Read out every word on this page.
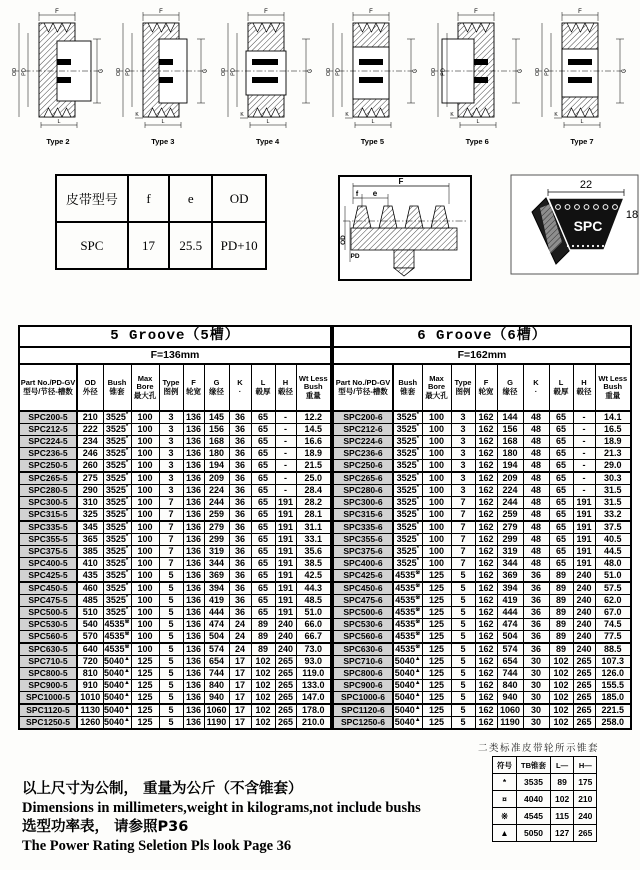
F
OD PD	G
L
Type 2
F
OD PD	G
L
K
Type 3
F
OD PD	G
L
K
Type 4
F
OD PD	G
L
K
Type 5
F
OD PD	G
L
K
Type 6
F
OD PD	G
L
K
Type 7
皮带型号	f	e	OD
SPC	17	25.5	PD+10
F
f e
OD
PD
SPC
22
18
5 Groove（5槽）										
F=136mm										

Part No./PD-GV
型号/节径-槽数

OD
外径

Bush
锥套

Max
Bore
最大孔

Type
图例

F
轮宽

G
缘径

K
·

L
毂厚

H
毂径

Wt Less
Bush
重量

SPC200-5	210	3525*	100	3	136	145	36	65	-	12.2
SPC212-5	222	3525*	100	3	136	156	36	65	-	14.5
SPC224-5	234	3525*	100	3	136	168	36	65	-	16.6
SPC236-5	246	3525*	100	3	136	180	36	65	-	18.9
SPC250-5	260	3525*	100	3	136	194	36	65	-	21.5
SPC265-5	275	3525*	100	3	136	209	36	65	-	25.0
SPC280-5	290	3525*	100	3	136	224	36	65	-	28.4
SPC300-5	310	3525*	100	7	136	244	36	65	191	28.2
SPC315-5	325	3525*	100	7	136	259	36	65	191	28.1
SPC335-5	345	3525*	100	7	136	279	36	65	191	31.1
SPC355-5	365	3525*	100	7	136	299	36	65	191	33.1
SPC375-5	385	3525*	100	7	136	319	36	65	191	35.6
SPC400-5	410	3525*	100	7	136	344	36	65	191	38.5
SPC425-5	435	3525*	100	5	136	369	36	65	191	42.5
SPC450-5	460	3525*	100	5	136	394	36	65	191	44.3
SPC475-5	485	3525*	100	5	136	419	36	65	191	48.5
SPC500-5	510	3525*	100	5	136	444	36	65	191	51.0
SPC530-5	540	4535※	100	5	136	474	24	89	240	66.0
SPC560-5	570	4535※	100	5	136	504	24	89	240	66.7
SPC630-5	640	4535※	100	5	136	574	24	89	240	73.0
SPC710-5	720	5040▲	125	5	136	654	17	102	265	93.0
SPC800-5	810	5040▲	125	5	136	744	17	102	265	119.0
SPC900-5	910	5040▲	125	5	136	840	17	102	265	133.0
SPC1000-5	1010	5040▲	125	5	136	940	17	102	265	147.0
SPC1120-5	1130	5040▲	125	5	136	1060	17	102	265	178.0
SPC1250-5	1260	5040▲	125	5	136	1190	17	102	265	210.0
6 Groove（6槽）									
F=162mm									

Part No./PD-GV
型号/节径-槽数

Bush
锥套

Max
Bore
最大孔

Type
图例

F
轮宽

G
缘径

K
·

L
毂厚

H
毂径

Wt Less
Bush
重量

SPC200-6	3525*	100	3	162	144	48	65	-	14.1
SPC212-6	3525*	100	3	162	156	48	65	-	16.5
SPC224-6	3525*	100	3	162	168	48	65	-	18.9
SPC236-6	3525*	100	3	162	180	48	65	-	21.3
SPC250-6	3525*	100	3	162	194	48	65	-	29.0
SPC265-6	3525*	100	3	162	209	48	65	-	30.3
SPC280-6	3525*	100	3	162	224	48	65	-	31.5
SPC300-6	3525*	100	7	162	244	48	65	191	31.5
SPC315-6	3525*	100	7	162	259	48	65	191	33.2
SPC335-6	3525*	100	7	162	279	48	65	191	37.5
SPC355-6	3525*	100	7	162	299	48	65	191	40.5
SPC375-6	3525*	100	7	162	319	48	65	191	44.5
SPC400-6	3525*	100	7	162	344	48	65	191	48.0
SPC425-6	4535※	125	5	162	369	36	89	240	51.0
SPC450-6	4535※	125	5	162	394	36	89	240	57.5
SPC475-6	4535※	125	5	162	419	36	89	240	62.0
SPC500-6	4535※	125	5	162	444	36	89	240	67.0
SPC530-6	4535※	125	5	162	474	36	89	240	74.5
SPC560-6	4535※	125	5	162	504	36	89	240	77.5
SPC630-6	4535※	125	5	162	574	36	89	240	88.5
SPC710-6	5040▲	125	5	162	654	30	102	265	107.3
SPC800-6	5040▲	125	5	162	744	30	102	265	126.0
SPC900-6	5040▲	125	5	162	840	30	102	265	155.5
SPC1000-6	5040▲	125	5	162	940	30	102	265	185.0
SPC1120-6	5040▲	125	5	162	1060	30	102	265	221.5
SPC1250-6	5040▲	125	5	162	1190	30	102	265	258.0
二类标准皮带轮所示锥套
符号	TB锥套	L—	H—
*	3535	89	175
¤	4040	102	210
※	4545	115	240
▲	5050	127	265
以上尺寸为公制， 重量为公斤（不含锥套）
Dimensions in millimeters,weight in kilograms,not include bushs
选型功率表， 请参照P36
The Power Rating Seletion Pls look Page 36
